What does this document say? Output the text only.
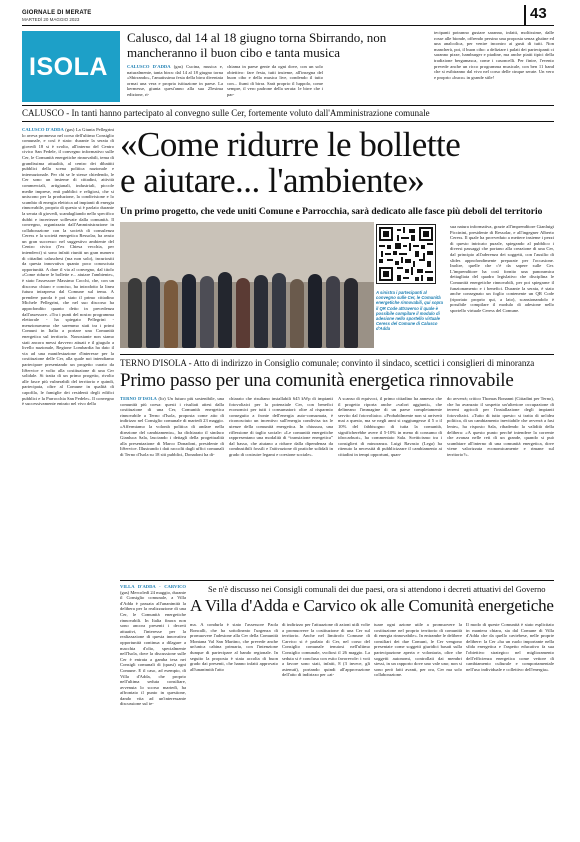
GIORNALE DI MERATE
MARTEDÌ 20 MAGGIO 2023	43
ISOLA
Calusco, dal 14 al 18 giugno torna Sbirrando, non mancheranno il buon cibo e tanta musica
CALUSCO D'ADDA (gas) Cucina, musica e, naturalmente, tanta birra: dal 14 al 18 giugno torna «Sbirrando», l'amatissima festa della birra diventata ormai una vera e propria istituzione in paese. La kermesse, giunta quest'anno alla sua 25esima edizione, ri-
chiama in paese gente da ogni dove, con un solo obiettivo: fare festa, tutti insieme, all'insegna del buon cibo e della musica live, condendo il tutto con... fiumi di birra. Sarà proprio il luppolo, come sempre, il vero padrone della serata: le birre che i par-
tecipanti potranno gustare saranno, infatti, moltissime, dalle rosse alle bionde, offrendo persino una proposta senza glutine ed una analcolica, per venire incontro ai gusti di tutti. Non mancherà, poi, il buon cibo: a deliziare i palati dei partecipanti ci saranno pizze, hamburger e piadine, ma anche piatti tipici della tradizione bergamasca, come i casoncelli. Per finire, l'evento prevede anche un ricco programma musicale, con ben 11 band che si esibiranno dal vivo nel corso delle cinque serate. Un vero e proprio «buco» in grande stile!
CALUSCO - In tanti hanno partecipato al convegno sulle Cer, fortemente voluto dall'Amministrazione comunale
«Come ridurre le bollette
e aiutare... l'ambiente»
Un primo progetto, che vede uniti Comune e Parrocchia, sarà dedicato alle fasce più deboli del territorio
CALUSCO D'ADDA (gas) La Giunta Pellegrini lo aveva promesso nel corso dell'ultimo Consiglio comunale, e così è stato: durante la serata di giovedì 18 si è svolto, all'interno del Centro civico San Fedele, il convegno informativo sulle Cer, le Comunità energetiche rinnovabili, tema di grandissima attualità, al centro dei dibattiti pubblici della scena politica nazionale e internazionale. Per chi se le stesse chiedendo, le Cer sono un insieme di cittadini, attività commerciali, artigianali, industriali, piccole medie imprese, enti pubblici e religiosi, che si uniscono per la produzione, la condivisione e lo scambio di energia elettrica ad impianti di energia rinnovabile, proprio di questo si è parlato durante la serata di giovedì, scandagliando nello specifico dubbi e incertezze sollevate dalla comunità. Il convegno, organizzato dall'Amministrazione in collaborazione con la società di consulenza Ceress e la società energetica Ressolar, ha avuto un gran successo: nel suggestivo ambiente del Centro civico (l'ex Chiesa vecchia, per intenderci) si sono infatti riuniti un gran numero di cittadini caluschesi (ma non solo), incuriositi da questa innovativa quanto poco conosciuta opportunità. A dare il via al convegno, dal titolo «Come ridurre le bollette e... aiutare l'ambiente», è stato l'assessore Massimo Cocchi, che, con un discorso chiaro e conciso, ha introdotto la linea futura intrapresa dal Comune sul tema. A prendere parola è poi stato il primo cittadino Michele Pellegrini, che nel suo discorso ha approfondito quanto detto in precedenza dall'assessore. «Tra i punti del nostro programma elettorale - ha spiegato Pellegrini - menzionavamo che saremmo stati tra i primi Comuni in Italia a portare una Comunità energetica sul territorio. Nonostante non siamo stati ancora messi davvero attuati e il giugulo a livello nazionale, Regione Lombardia ha dato il via ad una manifestazione d'interesse per la costituzione delle Cer, alla quale noi intendiamo partecipare presentando un progetto curato da ItService e volto alla costituzione di una Cer solidale. Si tratta di un primo progetto, rivolto alle fasce più vulnerabili del territorio e quindi, partecipata, oltre al Comune in qualità di capofila, le famiglie dei residenti degli edifici pubblici e la Parrocchia San Fedele». Il convegno è successivamente entrato nel vivo della
A sinistra i partecipanti al convegno sulle Cer, le Comunità energetiche rinnovabili, qui sopra il QR Code attraverso il quale è possibile compilare il modulo di adesione nello sportello virtuale Ceress del Comune di Calusco d'Adda
sua natura informativa, grazie all'imprenditore Gianluigi Piccinini, presidente di Ressolar, e all'ingegner Alberto Ceress. Il quale ha provveduto a mettere insieme i pezzi di questo intricato puzzle, spiegando al pubblico i diversi passaggi che portano alla creazione di una Cer, dal principio all'aderenza dei soggetti, con l'ausilio di slides approfondimente preparate per l'occasione. Inoltre, quelle che c'è da sapere sulle Cer. L'imprenditore ha così fornito una panoramica dettagliata del quadro legislativo che disciplina le Comunità energetiche rinnovabili, per poi spiegarne il funzionamento e i benefici. Durante la serata, è stato anche consegnato un foglio contenente un QR Code (riportato proprio qui, a lato), scansionandolo è possibile compilare il modulo di adesione nello sportello virtuale Ceress del Comune.
TERNO D'ISOLA - Atto di indirizzo in Consiglio comunale; convinto il sindaco, scettici i consiglieri di minoranza
Primo passo per una comunità energetica rinnovabile
TERNO D'ISOLA (ltr) Un futuro più sostenibile, una comunità più coesa: questi i risultati attesi dalla costituzione di una Cer, Comunità energetica rinnovabile a Terno d'Isola, proposta come atto di indirizzo nel Consiglio comunale di martedì 23 maggio. «Affermiamo la volontà politica di andare nella direzione del cambiamento», ha dichiarato il sindaco Gianluca Sala, lasciando i dettagli della progettualità alla presentazione di Marco Donadoni, presidente di ItService. Illustrando i dati raccolti dagli uffici comunali di Terno d'Isola su 18 siti pubblici, Donadoni ha di-
chiarato che risultano installabili 645 kWp di impianti fotovoltaici per la potenziale Cer, con benefici economici per tutti i consumatori: oltre al risparmio conseguito a fronte dell'energia auto-consumata, è riconosciuto un incentivo sull'energia condivisa tra le utenze della comunità energetica. In chiusura, una riflessione di taglio sociale: «Le comunità energetiche rappresentano una modalità di “transizione energetica” dal basso, che aiutano a ridurre dalla dipendenza da combustibili fossili e l'attivazione di pratiche solidali in grado di costruire legami e coesione sociale».
A scanso di equivoci, il primo cittadino ha annesso che il progetto riporta anche «valori aggiunti», che delineano l'immagine di un paese completamente servito dal fotovoltaico. «Probabilmente non si arriverà mai a questo, ma se negli anni si raggiungesse il 5 o il 10% del fabbisogno di tutta la comunità, significherebbe avere il 5-10% in meno di consumo di idrocarburi», ha commentato Sala. Scetticismo tra i consiglieri di minoranza. Luigi Ravasio (Lega) ha ritenuto la necessità di pubblicizzare il cambiamento ai cittadini in tempi opportuni, quan-
do avverrà; critico Thomas Bonanni (Cittadini per Terno), che ha avanzato il sospetto un'ulteriore occupazione di terreni agricoli per l'installazione degli impianti fotovoltaici. «Tutto di tutto questo: si tratta di un'idea politica, di un cambiamento inevitabile che avverrà a fasi lente», ha risposto Sala, ribadendo la validità della delibera: «A questo punto perché intendere la corrente che avanza nelle reti di un grande, quando si può scambiare all'interno di una comunità energetica, dove viene valorizzata economicamente e rimane sul territorio?».
Se n'è discusso nei Consigli comunali dei due paesi, ora si attendono i decreti attuativi del Governo
A Villa d'Adda e Carvico ok alle Comunità energetiche
VILLA D'ADDA - CARVICO (gas) Mercoledì 24 maggio, durante il Consiglio comunale, a Villa d'Adda è passata all'unanimità la delibera per la realizzazione di una Cer, le Comunità energetiche rinnovabili. In Italia finora non sono ancora presenti i decreti attuativi, l'interesse per la realizzazione di questa innovativa opportunità continua a dilagare a macchia d'olio, specialmente nell'Isola, dove la discussione sulle Cer è entrata a gamba tesa nei Consigli comunali di (quasi) ogni Comune. E il caso, ad esempio, di Villa d'Adda, che proprio nell'ultima seduta consiliare, avvenuta lo scorso martedì, ha affrontato il punto in questione, dando vita ad un'interessante discussione sul te-
ma. A condurla è stato l'assessore Paola Roncalli, che ha sottolineato l'urgenza di promuovere l'adesione alla Cer della Comunità Montana Val San Martino, che prevede anche un'unica cabina primaria, con l'intenzione dunque di partecipare al bando regionale. In seguito la proposta è stata accolta di buon grado dai presenti, che hanno infatti approvato all'unanimità l'atto
di indirizzo per l'attuazione di azioni utili volte a promuovere la costituzione di una Cer sul territorio. Anche nel limitrofo Comune di Carvico si è parlato di Cer, nel corso del Consiglio comunale tenutosi nell'ultimo Consiglio comunale, svoltosi il 26 maggio. La seduta si è conclusa con esito favorevole: i voti a favore sono stati, infatti, 8 (3 invece, gli astenuti), portando quindi all'approvazione dell'atto di indirizzo per «at-
tuare ogni azione utile a promuovere la costituzione nel proprio territorio di comunità di energia rinnovabile». In entrambe le delibere consiliari dei due Comuni, le Cer vengono presentate come soggetti giuridici basati sulla partecipazione aperta e volontaria, oltre che soggetti autonomi, controllati dai membri stessi, in un rapporto dove uno vale uno; non si sono però fatti avanti, per ora, Cer ma solo collaborazione.
Il modo di queste Comunità è stato esplicitato in maniera chiara, sia dal Comune di Villa d'Adda che da quello caviebese, nelle proprie delibere: la Cer «ha un ruolo importante nella sfida energetica e l'aspetto educativo fa sua l'obiettivo strategico nel miglioramento dell'efficienza energetica come vettore di cambiamento culturale e comportamentale nell'uso individuale e collettivo dell'energia».
